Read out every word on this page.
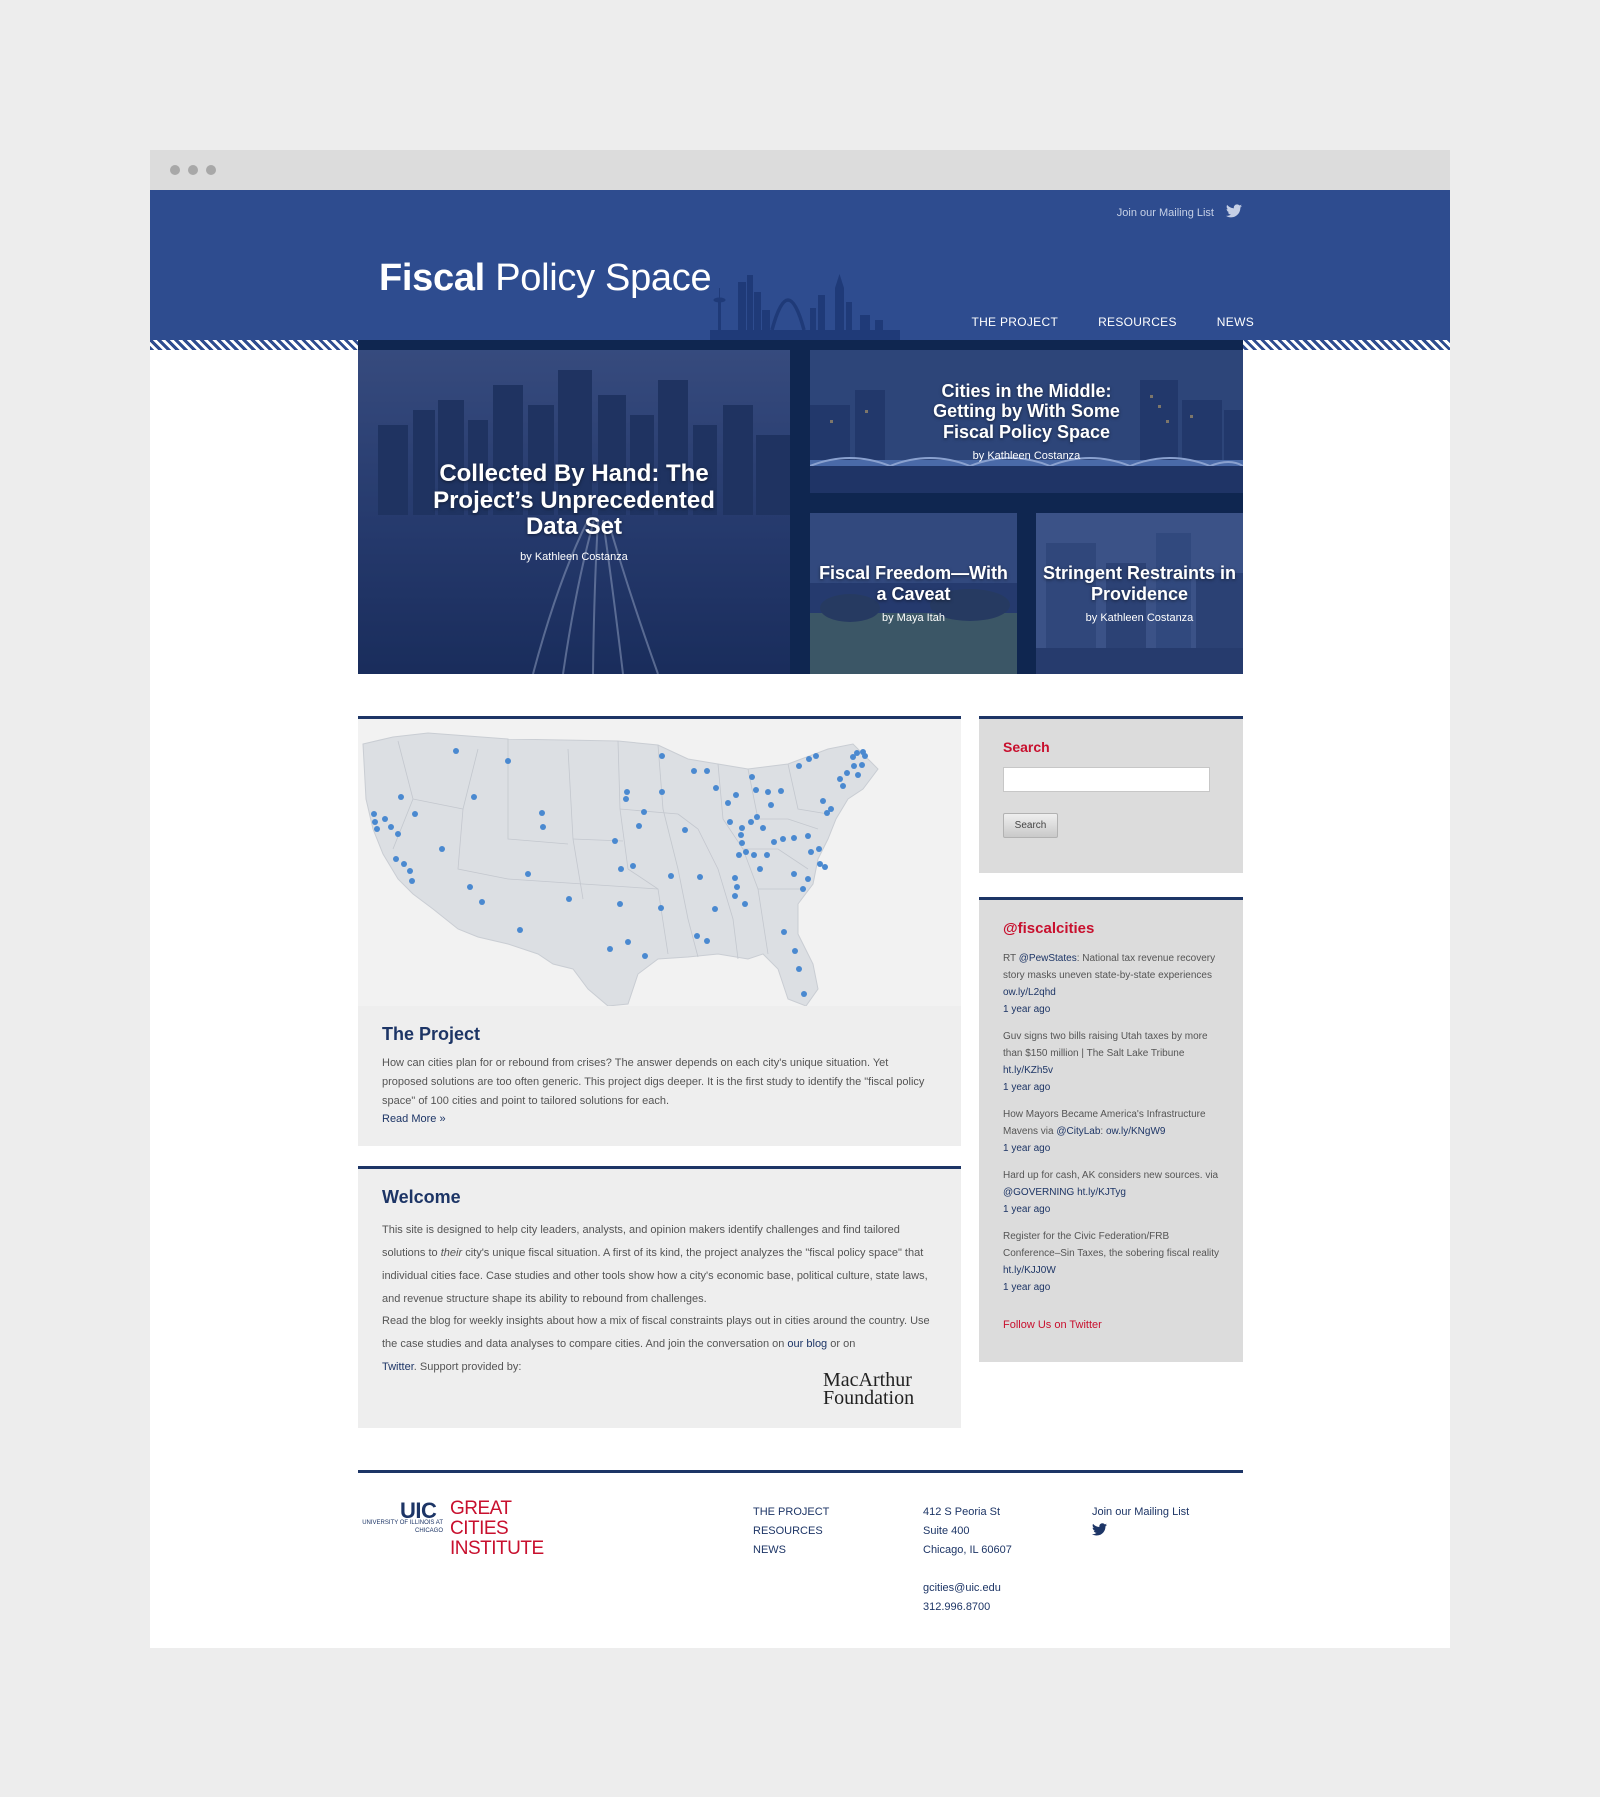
Join our Mailing List
Fiscal Policy Space
THE PROJECT	RESOURCES	NEWS
Collected By Hand: The Project’s Unprecedented Data Set
by Kathleen Costanza
Cities in the Middle: Getting by With Some Fiscal Policy Space
by Kathleen Costanza
Fiscal Freedom—With a Caveat
by Maya Itah
Stringent Restraints in Providence
by Kathleen Costanza
The Project
How can cities plan for or rebound from crises? The answer depends on each city's unique situation. Yet proposed solutions are too often generic. This project digs deeper. It is the first study to identify the "fiscal policy space" of 100 cities and point to tailored solutions for each.
Read More »
Welcome
This site is designed to help city leaders, analysts, and opinion makers identify challenges and find tailored solutions to their city's unique fiscal situation. A first of its kind, the project analyzes the "fiscal policy space" that individual cities face. Case studies and other tools show how a city's economic base, political culture, state laws, and revenue structure shape its ability to rebound from challenges.
Read the blog for weekly insights about how a mix of fiscal constraints plays out in cities around the country. Use the case studies and data analyses to compare cities. And join the conversation on our blog or on
Twitter. Support provided by:
MacArthur
Foundation
Search
Search
@fiscalcities
RT @PewStates: National tax revenue recovery story masks uneven state-by-state experiences ow.ly/L2qhd
1 year ago
Guv signs two bills raising Utah taxes by more than $150 million | The Salt Lake Tribune ht.ly/KZh5v
1 year ago
How Mayors Became America's Infrastructure Mavens via @CityLab: ow.ly/KNgW9
1 year ago
Hard up for cash, AK considers new sources. via @GOVERNING ht.ly/KJTyg
1 year ago
Register for the Civic Federation/FRB Conference–Sin Taxes, the sobering fiscal reality ht.ly/KJJ0W
1 year ago
Follow Us on Twitter
UIC
UNIVERSITY OF ILLINOIS AT CHICAGO
GREAT CITIES INSTITUTE
THE PROJECT
RESOURCES
NEWS
412 S Peoria St
Suite 400
Chicago, IL 60607
gcities@uic.edu
312.996.8700
Join our Mailing List
